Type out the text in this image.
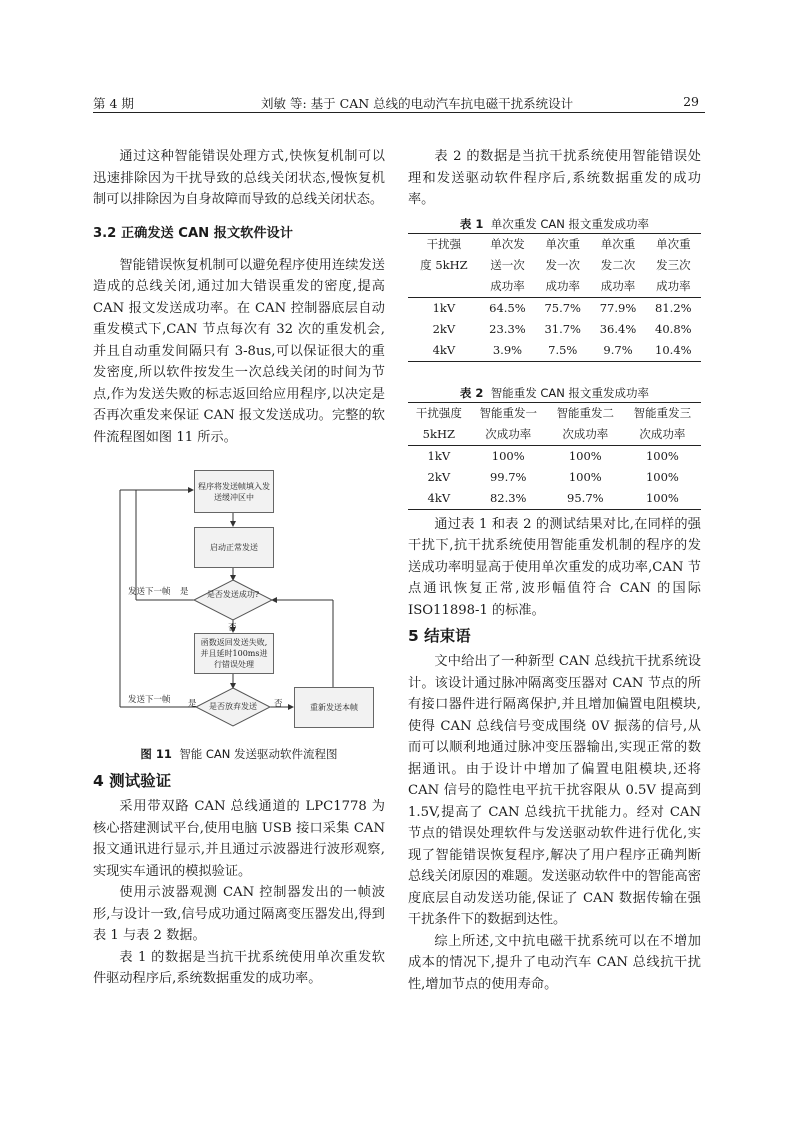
第 4 期	刘敏 等: 基于 CAN 总线的电动汽车抗电磁干扰系统设计	29

通过这种智能错误处理方式,快恢复机制可以迅速排除因为干扰导致的总线关闭状态,慢恢复机制可以排除因为自身故障而导致的总线关闭状态。

3.2 正确发送 CAN 报文软件设计

智能错误恢复机制可以避免程序使用连续发送造成的总线关闭,通过加大错误重发的密度,提高 CAN 报文发送成功率。在 CAN 控制器底层自动重发模式下,CAN 节点每次有 32 次的重发机会,并且自动重发间隔只有 3-8us,可以保证很大的重发密度,所以软件按发生一次总线关闭的时间为节点,作为发送失败的标志返回给应用程序,以决定是否再次重发来保证 CAN 报文发送成功。完整的软件流程图如图 11 所示。

程序将发送帧填入发送缓冲区中
启动正常发送
是否发送成功?
否
函数返回发送失败,并且延时100ms进行错误处理
是否放弃发送	重新发送本帧
发送下一帧 是
发送下一帧 是	否
图 11 智能 CAN 发送驱动软件流程图
4 测试验证

采用带双路 CAN 总线通道的 LPC1778 为核心搭建测试平台,使用电脑 USB 接口采集 CAN 报文通讯进行显示,并且通过示波器进行波形观察,实现实车通讯的模拟验证。

使用示波器观测 CAN 控制器发出的一帧波形,与设计一致,信号成功通过隔离变压器发出,得到表 1 与表 2 数据。

表 1 的数据是当抗干扰系统使用单次重发软件驱动程序后,系统数据重发的成功率。

表 2 的数据是当抗干扰系统使用智能错误处理和发送驱动软件程序后,系统数据重发的成功率。

表 1 单次重发 CAN 报文重发成功率
干扰强	单次发	单次重	单次重	单次重
度 5kHZ	送一次	发一次	发二次	发三次
	成功率	成功率	成功率	成功率
1kV	64.5%	75.7%	77.9%	81.2%
2kV	23.3%	31.7%	36.4%	40.8%
4kV	3.9%	7.5%	9.7%	10.4%
表 2 智能重发 CAN 报文重发成功率
干扰强度	智能重发一	智能重发二	智能重发三
5kHZ	次成功率	次成功率	次成功率
1kV	100%	100%	100%
2kV	99.7%	100%	100%
4kV	82.3%	95.7%	100%

通过表 1 和表 2 的测试结果对比,在同样的强干扰下,抗干扰系统使用智能重发机制的程序的发送成功率明显高于使用单次重发的成功率,CAN 节点通讯恢复正常,波形幅值符合 CAN 的国际 ISO11898-1 的标准。

5 结束语

文中给出了一种新型 CAN 总线抗干扰系统设计。该设计通过脉冲隔离变压器对 CAN 节点的所有接口器件进行隔离保护,并且增加偏置电阻模块,使得 CAN 总线信号变成围绕 0V 振荡的信号,从而可以顺利地通过脉冲变压器输出,实现正常的数据通讯。由于设计中增加了偏置电阻模块,还将 CAN 信号的隐性电平抗干扰容限从 0.5V 提高到 1.5V,提高了 CAN 总线抗干扰能力。经对 CAN 节点的错误处理软件与发送驱动软件进行优化,实现了智能错误恢复程序,解决了用户程序正确判断总线关闭原因的难题。发送驱动软件中的智能高密度底层自动发送功能,保证了 CAN 数据传输在强干扰条件下的数据到达性。

综上所述,文中抗电磁干扰系统可以在不增加成本的情况下,提升了电动汽车 CAN 总线抗干扰性,增加节点的使用寿命。
